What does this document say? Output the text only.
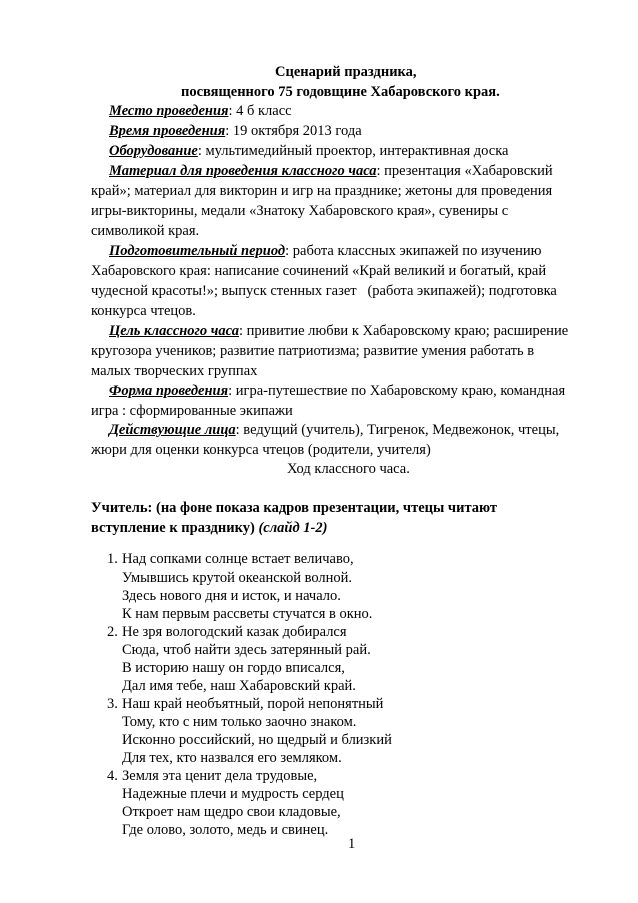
Сценарий праздника,
посвященного 75 годовщине Хабаровского края.
Место проведения: 4 б класс
Время проведения: 19 октября 2013 года
Оборудование: мультимедийный проектор, интерактивная доска
Материал для проведения классного часа: презентация «Хабаровский
край»; материал для викторин и игр на празднике; жетоны для проведения
игры-викторины, медали «Знатоку Хабаровского края», сувениры с
символикой края.
Подготовительный период: работа классных экипажей по изучению
Хабаровского края: написание сочинений «Край великий и богатый, край
чудесной красоты!»; выпуск стенных газет   (работа экипажей); подготовка
конкурса чтецов.
Цель классного часа: привитие любви к Хабаровскому краю; расширение
кругозора учеников; развитие патриотизма; развитие умения работать в
малых творческих группах
Форма проведения: игра-путешествие по Хабаровскому краю, командная
игра : сформированные экипажи
Действующие лица: ведущий (учитель), Тигренок, Медвежонок, чтецы,
жюри для оценки конкурса чтецов (родители, учителя)
Ход классного часа.
Учитель: (на фоне показа кадров презентации, чтецы читают
вступление к празднику) (слайд 1-2)
1. Над сопками солнце встает величаво,
Умывшись крутой океанской волной.
Здесь нового дня и исток, и начало.
К нам первым рассветы стучатся в окно.
2. Не зря вологодский казак добирался
Сюда, чтоб найти здесь затерянный рай.
В историю нашу он гордо вписался,
Дал имя тебе, наш Хабаровский край.
3. Наш край необъятный, порой непонятный
Тому, кто с ним только заочно знаком.
Исконно российский, но щедрый и близкий
Для тех, кто назвался его земляком.
4. Земля эта ценит дела трудовые,
Надежные плечи и мудрость сердец
Откроет нам щедро свои кладовые,
Где олово, золото, медь и свинец.
1
